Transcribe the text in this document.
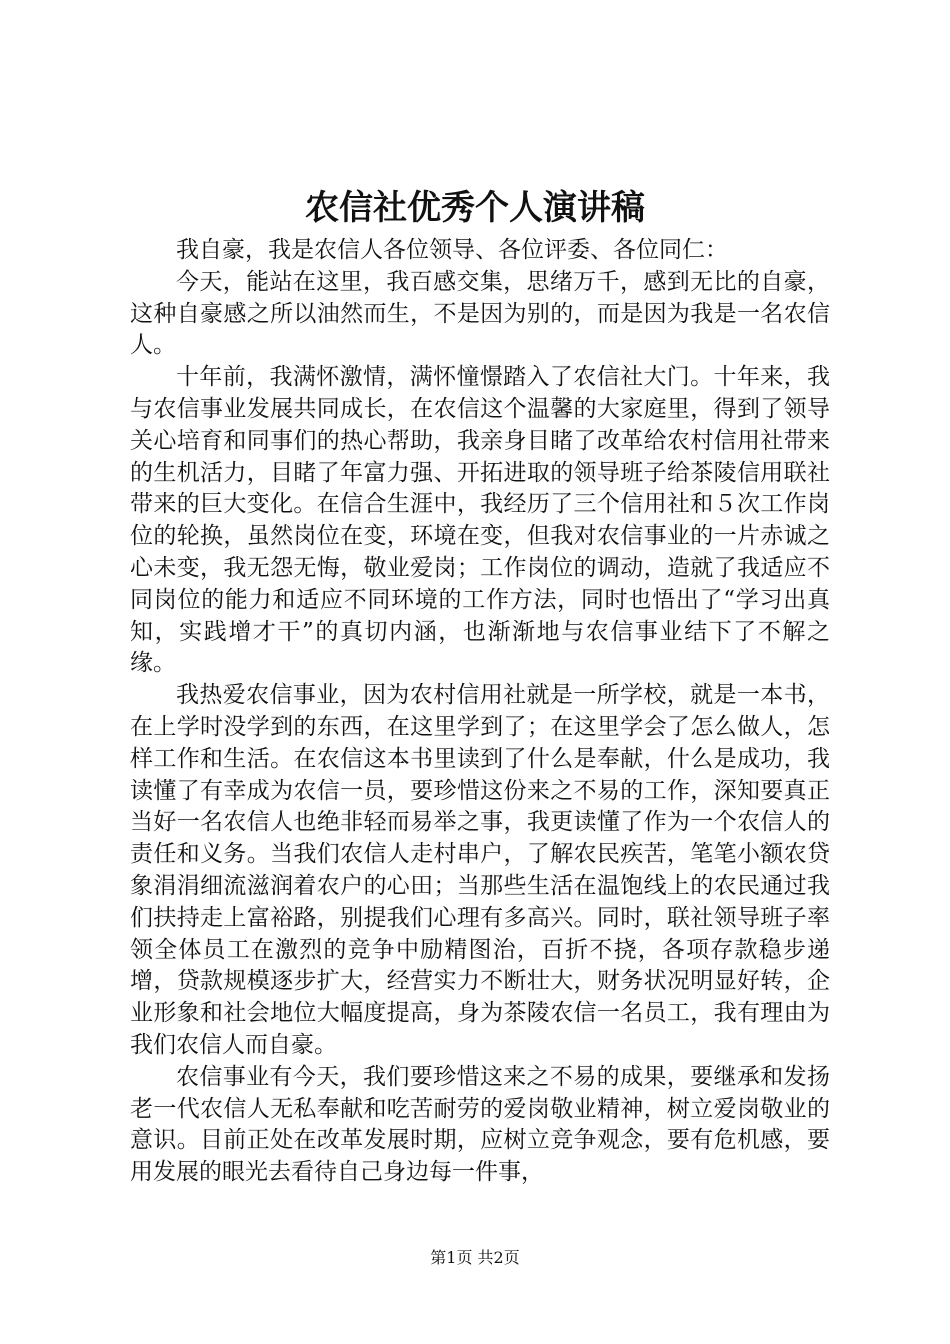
农信社优秀个人演讲稿

我自豪，我是农信人各位领导、各位评委、各位同仁：

今天，能站在这里，我百感交集，思绪万千，感到无比的自豪，这种自豪感之所以油然而生，不是因为别的，而是因为我是一名农信人。

十年前，我满怀激情，满怀憧憬踏入了农信社大门。十年来，我与农信事业发展共同成长，在农信这个温馨的大家庭里，得到了领导关心培育和同事们的热心帮助，我亲身目睹了改革给农村信用社带来的生机活力，目睹了年富力强、开拓进取的领导班子给茶陵信用联社带来的巨大变化。在信合生涯中，我经历了三个信用社和５次工作岗位的轮换，虽然岗位在变，环境在变，但我对农信事业的一片赤诚之心未变，我无怨无悔，敬业爱岗；工作岗位的调动，造就了我适应不同岗位的能力和适应不同环境的工作方法，同时也悟出了“学习出真知，实践增才干”的真切内涵，也渐渐地与农信事业结下了不解之缘。

我热爱农信事业，因为农村信用社就是一所学校，就是一本书，在上学时没学到的东西，在这里学到了；在这里学会了怎么做人，怎样工作和生活。在农信这本书里读到了什么是奉献，什么是成功，我读懂了有幸成为农信一员，要珍惜这份来之不易的工作，深知要真正当好一名农信人也绝非轻而易举之事，我更读懂了作为一个农信人的责任和义务。当我们农信人走村串户，了解农民疾苦，笔笔小额农贷象涓涓细流滋润着农户的心田；当那些生活在温饱线上的农民通过我们扶持走上富裕路，别提我们心理有多高兴。同时，联社领导班子率领全体员工在激烈的竞争中励精图治，百折不挠，各项存款稳步递增，贷款规模逐步扩大，经营实力不断壮大，财务状况明显好转，企业形象和社会地位大幅度提高，身为茶陵农信一名员工，我有理由为我们农信人而自豪。

农信事业有今天，我们要珍惜这来之不易的成果，要继承和发扬老一代农信人无私奉献和吃苦耐劳的爱岗敬业精神，树立爱岗敬业的意识。目前正处在改革发展时期，应树立竞争观念，要有危机感，要用发展的眼光去看待自己身边每一件事，

第1页 共2页
